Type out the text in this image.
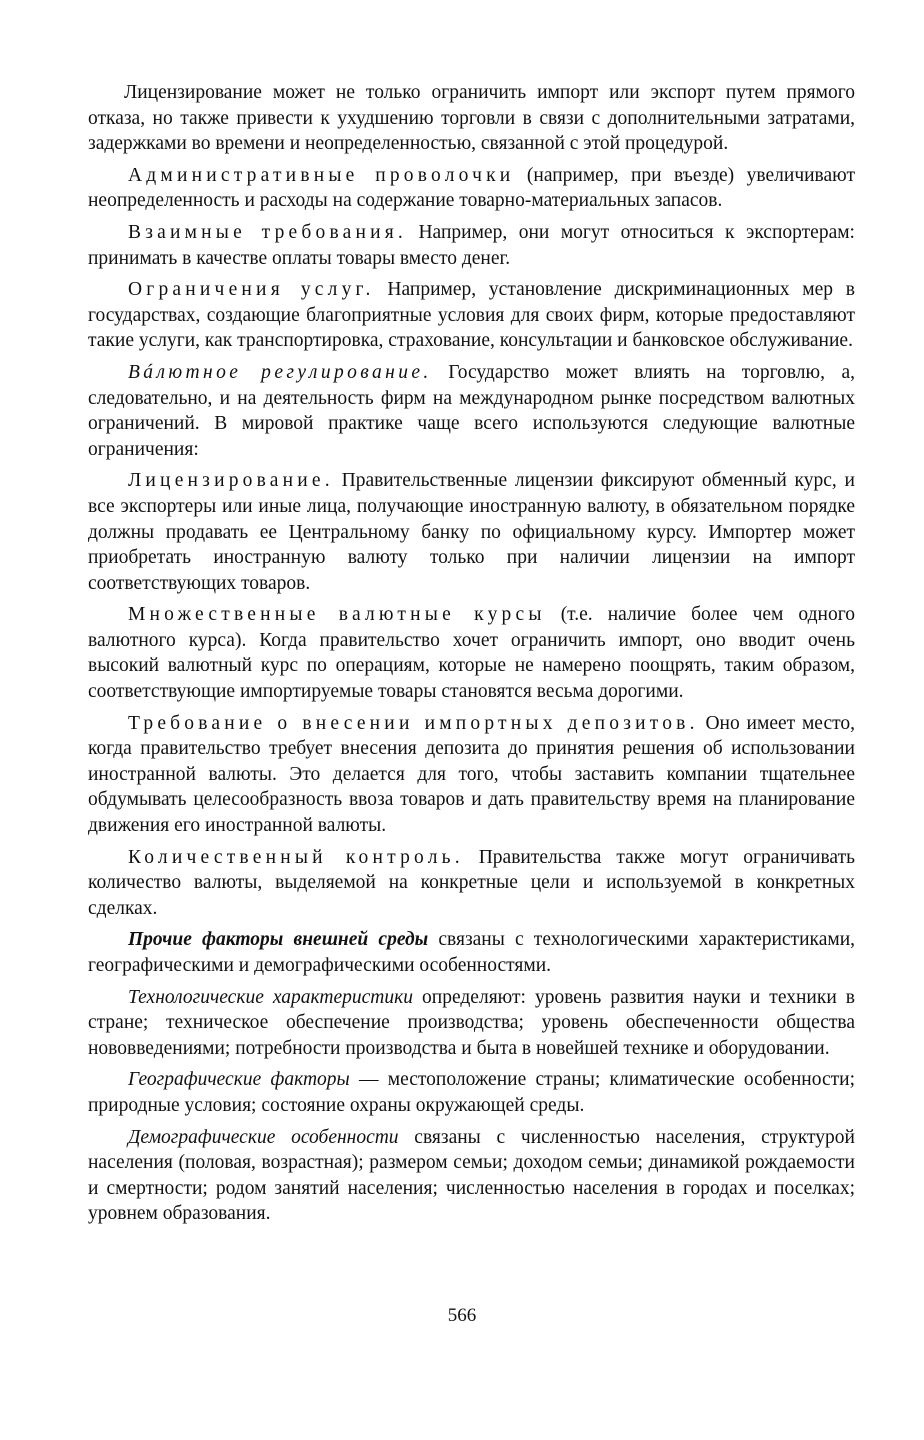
Лицензирование может не только ограничить импорт или экспорт путем прямого отказа, но также привести к ухудшению торговли в связи с дополнительными затратами, задержками во времени и неопределенностью, связанной с этой процедурой.

Административные проволочки (например, при въезде) увеличивают неопределенность и расходы на содержание товарно-материальных запасов.

Взаимные требования. Например, они могут относиться к экспортерам: принимать в качестве оплаты товары вместо денег.

Ограничения услуг. Например, установление дискриминационных мер в государствах, создающие благоприятные условия для своих фирм, которые предоставляют такие услуги, как транспортировка, страхование, консультации и банковское обслуживание.

Вáлютное регулирование. Государство может влиять на торговлю, а, следовательно, и на деятельность фирм на международном рынке посредством валютных ограничений. В мировой практике чаще всего используются следующие валютные ограничения:

Лицензирование. Правительственные лицензии фиксируют обменный курс, и все экспортеры или иные лица, получающие иностранную валюту, в обязательном порядке должны продавать ее Центральному банку по официальному курсу. Импортер может приобретать иностранную валюту только при наличии лицензии на импорт соответствующих товаров.

Множественные валютные курсы (т.е. наличие более чем одного валютного курса). Когда правительство хочет ограничить импорт, оно вводит очень высокий валютный курс по операциям, которые не намерено поощрять, таким образом, соответствующие импортируемые товары становятся весьма дорогими.

Требование о внесении импортных депозитов. Оно имеет место, когда правительство требует внесения депозита до принятия решения об использовании иностранной валюты. Это делается для того, чтобы заставить компании тщательнее обдумывать целесообразность ввоза товаров и дать правительству время на планирование движения его иностранной валюты.

Количественный контроль. Правительства также могут ограничивать количество валюты, выделяемой на конкретные цели и используемой в конкретных сделках.

Прочие факторы внешней среды связаны с технологическими характеристиками, географическими и демографическими особенностями.

Технологические характеристики определяют: уровень развития науки и техники в стране; техническое обеспечение производства; уровень обеспеченности общества нововведениями; потребности производства и быта в новейшей технике и оборудовании.

Географические факторы — местоположение страны; климатические особенности; природные условия; состояние охраны окружающей среды.

Демографические особенности связаны с численностью населения, структурой населения (половая, возрастная); размером семьи; доходом семьи; динамикой рождаемости и смертности; родом занятий населения; численностью населения в городах и поселках; уровнем образования.

566
